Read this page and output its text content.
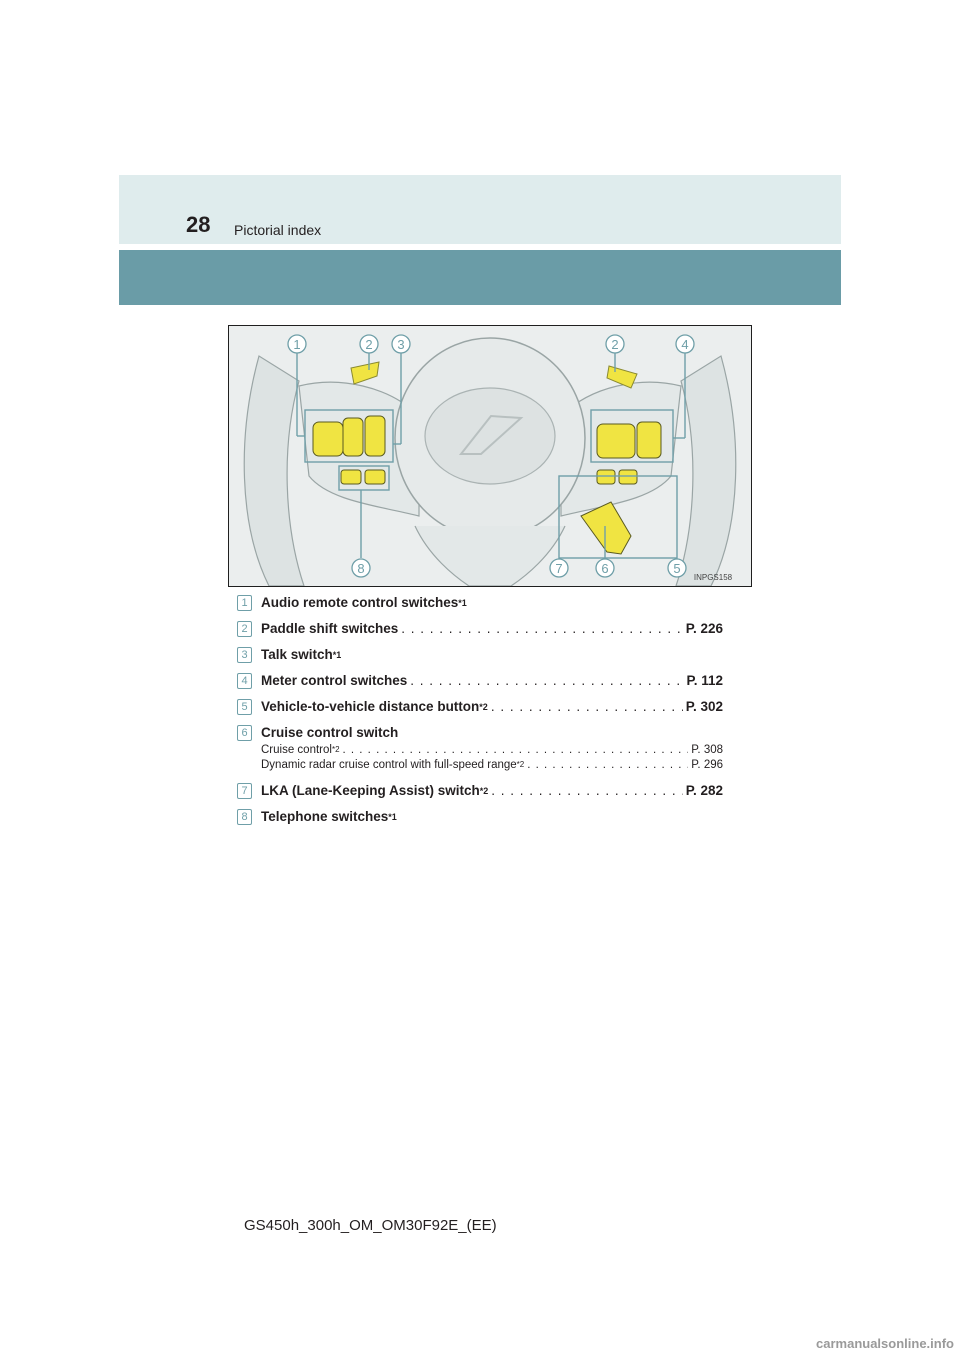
28 Pictorial index
1	2 3	2	4
8	7	6	5
INPGS158
1 Audio remote control switches *1
2 Paddle shift switches . . .	P. 226
3 Talk switch *1
4 Meter control switches . . .	P. 112
5 Vehicle-to-vehicle distance button *2 . . .	P. 302
6 Cruise control switch
Cruise control *2 . . .	P. 308
Dynamic radar cruise control with full-speed range *2 . . .	P. 296
7 LKA (Lane-Keeping Assist) switch *2 . . .	P. 282
8 Telephone switches *1
GS450h_300h_OM_OM30F92E_(EE)
carmanualsonline.info
